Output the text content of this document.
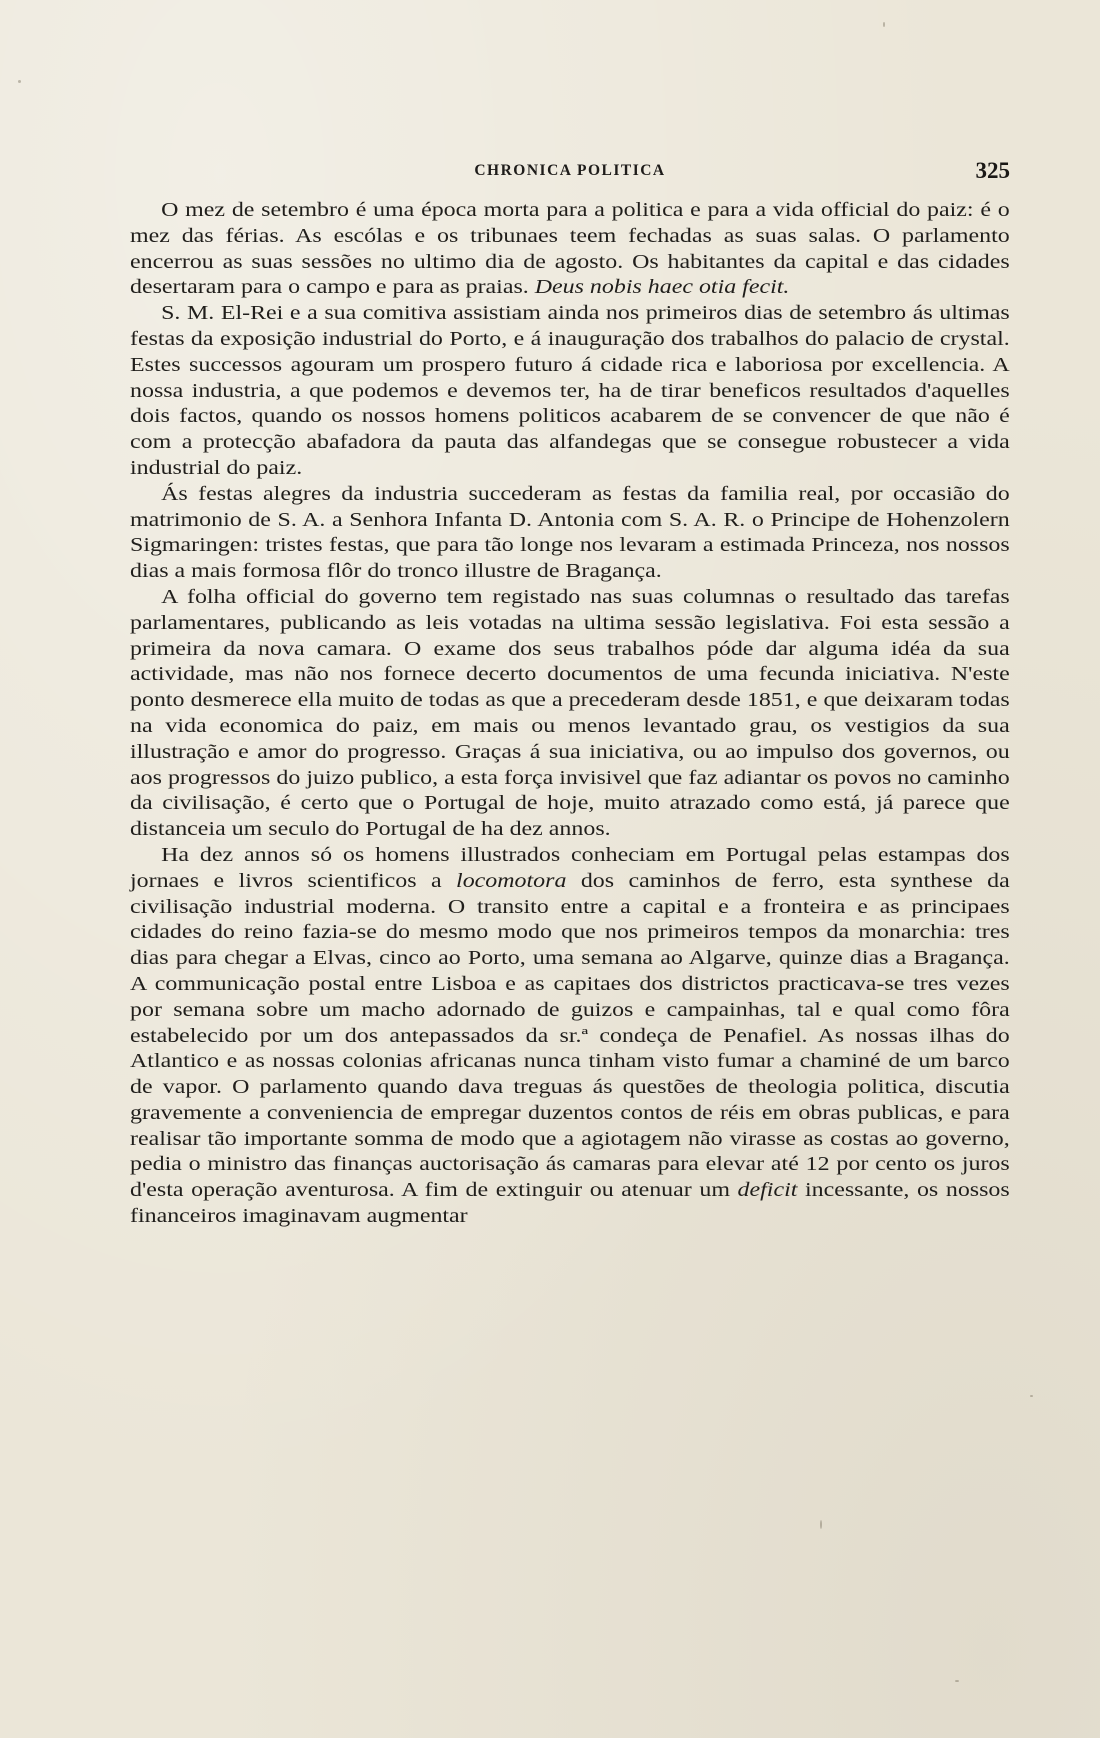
CHRONICA POLITICA	325

O mez de setembro é uma época morta para a politica e para a vida official do paiz: é o mez das férias. As escólas e os tribunaes teem fechadas as suas salas. O parlamento encerrou as suas sessões no ultimo dia de agosto. Os habitantes da capital e das cidades desertaram para o campo e para as praias. Deus nobis haec otia fecit.

S. M. El-Rei e a sua comitiva assistiam ainda nos primeiros dias de setembro ás ultimas festas da exposição industrial do Porto, e á inauguração dos trabalhos do palacio de crystal. Estes successos agouram um prospero futuro á cidade rica e laboriosa por excellencia. A nossa industria, a que podemos e devemos ter, ha de tirar beneficos resultados d'aquelles dois factos, quando os nossos homens politicos acabarem de se convencer de que não é com a protecção abafadora da pauta das alfandegas que se consegue robustecer a vida industrial do paiz.

Ás festas alegres da industria succederam as festas da familia real, por occasião do matrimonio de S. A. a Senhora Infanta D. Antonia com S. A. R. o Principe de Hohenzolern Sigmaringen: tristes festas, que para tão longe nos levaram a estimada Princeza, nos nossos dias a mais formosa flôr do tronco illustre de Bragança.

A folha official do governo tem registado nas suas columnas o resultado das tarefas parlamentares, publicando as leis votadas na ultima sessão legislativa. Foi esta sessão a primeira da nova camara. O exame dos seus trabalhos póde dar alguma idéa da sua actividade, mas não nos fornece decerto documentos de uma fecunda iniciativa. N'este ponto desmerece ella muito de todas as que a precederam desde 1851, e que deixaram todas na vida economica do paiz, em mais ou menos levantado grau, os vestigios da sua illustração e amor do progresso. Graças á sua iniciativa, ou ao impulso dos governos, ou aos progressos do juizo publico, a esta força invisivel que faz adiantar os povos no caminho da civilisação, é certo que o Portugal de hoje, muito atrazado como está, já parece que distanceia um seculo do Portugal de ha dez annos.

Ha dez annos só os homens illustrados conheciam em Portugal pelas estampas dos jornaes e livros scientificos a locomotora dos caminhos de ferro, esta synthese da civilisação industrial moderna. O transito entre a capital e a fronteira e as principaes cidades do reino fazia-se do mesmo modo que nos primeiros tempos da monarchia: tres dias para chegar a Elvas, cinco ao Porto, uma semana ao Algarve, quinze dias a Bragança. A communicação postal entre Lisboa e as capitaes dos districtos practicava-se tres vezes por semana sobre um macho adornado de guizos e campainhas, tal e qual como fôra estabelecido por um dos antepassados da sr.ª condeça de Penafiel. As nossas ilhas do Atlantico e as nossas colonias africanas nunca tinham visto fumar a chaminé de um barco de vapor. O parlamento quando dava treguas ás questões de theologia politica, discutia gravemente a conveniencia de empregar duzentos contos de réis em obras publicas, e para realisar tão importante somma de modo que a agiotagem não virasse as costas ao governo, pedia o ministro das finanças auctorisação ás camaras para elevar até 12 por cento os juros d'esta operação aventurosa. A fim de extinguir ou atenuar um deficit incessante, os nossos financeiros imaginavam augmentar
